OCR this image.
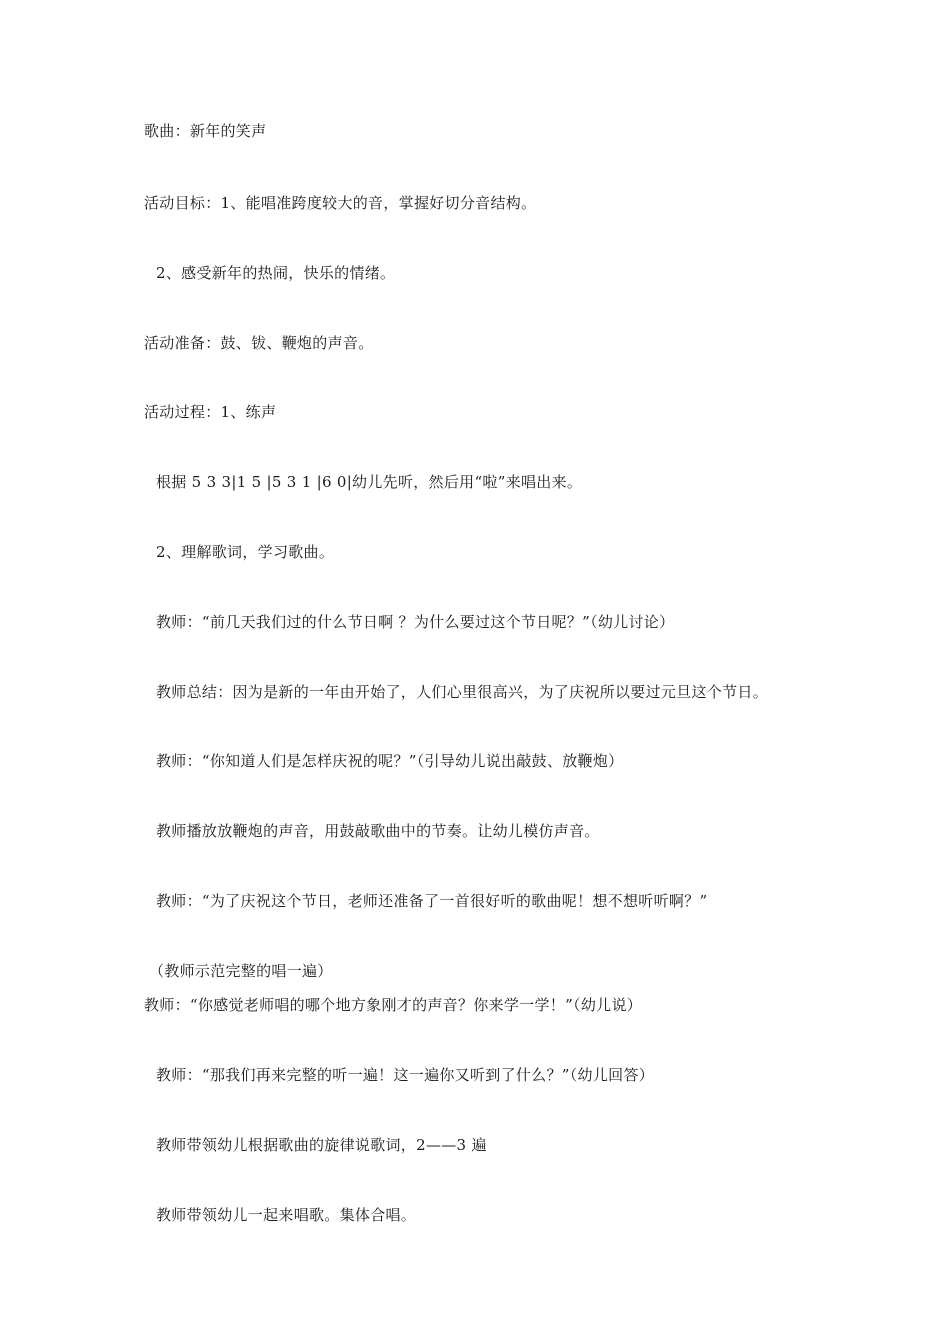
歌曲：新年的笑声
活动目标：1、能唱准跨度较大的音，掌握好切分音结构。
2、感受新年的热闹，快乐的情绪。
活动准备：鼓、钹、鞭炮的声音。
活动过程：1、练声
根据 5 3 3|1 5 |5 3 1 |6 0|幼儿先听，然后用“啦”来唱出来。
2、理解歌词，学习歌曲。
教师：“前几天我们过的什么节日啊 ？为什么要过这个节日呢？”（幼儿讨论）
教师总结：因为是新的一年由开始了，人们心里很高兴，为了庆祝所以要过元旦这个节日。
教师：“你知道人们是怎样庆祝的呢？”（引导幼儿说出敲鼓、放鞭炮）
教师播放放鞭炮的声音，用鼓敲歌曲中的节奏。让幼儿模仿声音。
教师：“为了庆祝这个节日，老师还准备了一首很好听的歌曲呢！想不想听听啊？”
（教师示范完整的唱一遍）
教师：“你感觉老师唱的哪个地方象刚才的声音？你来学一学！”（幼儿说）
教师：“那我们再来完整的听一遍！这一遍你又听到了什么？”（幼儿回答）
教师带领幼儿根据歌曲的旋律说歌词，2——3 遍
教师带领幼儿一起来唱歌。集体合唱。
